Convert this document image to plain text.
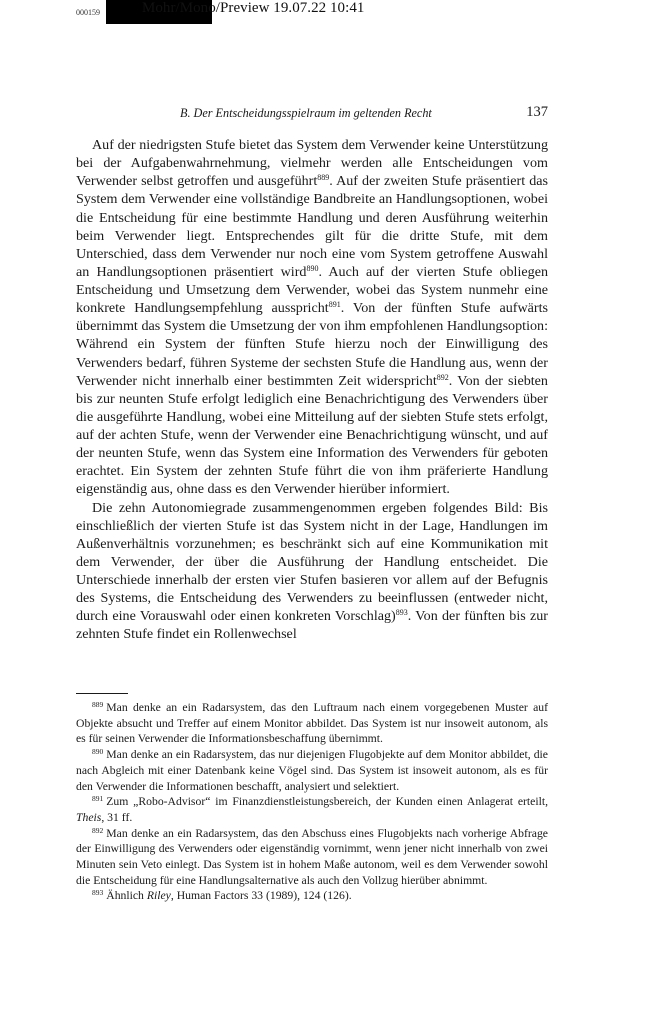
000159	Mohr/Mono/Preview 19.07.22 10:41
B. Der Entscheidungsspielraum im geltenden Recht	137

Auf der niedrigsten Stufe bietet das System dem Verwender keine Unterstützung bei der Aufgabenwahrnehmung, vielmehr werden alle Entscheidungen vom Verwender selbst getroffen und ausgeführt$^{889}$. Auf der zweiten Stufe präsentiert das System dem Verwender eine vollständige Bandbreite an Handlungsoptionen, wobei die Entscheidung für eine bestimmte Handlung und deren Ausführung weiterhin beim Verwender liegt. Entsprechendes gilt für die dritte Stufe, mit dem Unterschied, dass dem Verwender nur noch eine vom System getroffene Auswahl an Handlungsoptionen präsentiert wird$^{890}$. Auch auf der vierten Stufe obliegen Entscheidung und Umsetzung dem Verwender, wobei das System nunmehr eine konkrete Handlungsempfehlung ausspricht$^{891}$. Von der fünften Stufe aufwärts übernimmt das System die Umsetzung der von ihm empfohlenen Handlungsoption: Während ein System der fünften Stufe hierzu noch der Einwilligung des Verwenders bedarf, führen Systeme der sechsten Stufe die Handlung aus, wenn der Verwender nicht innerhalb einer bestimmten Zeit widerspricht$^{892}$. Von der siebten bis zur neunten Stufe erfolgt lediglich eine Benachrichtigung des Verwenders über die ausgeführte Handlung, wobei eine Mitteilung auf der siebten Stufe stets erfolgt, auf der achten Stufe, wenn der Verwender eine Benachrichtigung wünscht, und auf der neunten Stufe, wenn das System eine Information des Verwenders für geboten erachtet. Ein System der zehnten Stufe führt die von ihm präferierte Handlung eigenständig aus, ohne dass es den Verwender hierüber informiert.

Die zehn Autonomiegrade zusammengenommen ergeben folgendes Bild: Bis einschließlich der vierten Stufe ist das System nicht in der Lage, Handlungen im Außenverhältnis vorzunehmen; es beschränkt sich auf eine Kommunikation mit dem Verwender, der über die Ausführung der Handlung entscheidet. Die Unterschiede innerhalb der ersten vier Stufen basieren vor allem auf der Befugnis des Systems, die Entscheidung des Verwenders zu beeinflussen (entweder nicht, durch eine Vorauswahl oder einen konkreten Vorschlag)$^{893}$. Von der fünften bis zur zehnten Stufe findet ein Rollenwechsel

$^{889}$ Man denke an ein Radarsystem, das den Luftraum nach einem vorgegebenen Muster auf Objekte absucht und Treffer auf einem Monitor abbildet. Das System ist nur insoweit autonom, als es für seinen Verwender die Informationsbeschaffung übernimmt.

$^{890}$ Man denke an ein Radarsystem, das nur diejenigen Flugobjekte auf dem Monitor abbildet, die nach Abgleich mit einer Datenbank keine Vögel sind. Das System ist insoweit autonom, als es für den Verwender die Informationen beschafft, analysiert und selektiert.

$^{891}$ Zum „Robo-Advisor“ im Finanzdienstleistungsbereich, der Kunden einen Anlagerat erteilt, Theis, 31 ff.

$^{892}$ Man denke an ein Radarsystem, das den Abschuss eines Flugobjekts nach vorherige Abfrage der Einwilligung des Verwenders oder eigenständig vornimmt, wenn jener nicht innerhalb von zwei Minuten sein Veto einlegt. Das System ist in hohem Maße autonom, weil es dem Verwender sowohl die Entscheidung für eine Handlungsalternative als auch den Vollzug hierüber abnimmt.

$^{893}$ Ähnlich Riley, Human Factors 33 (1989), 124 (126).
